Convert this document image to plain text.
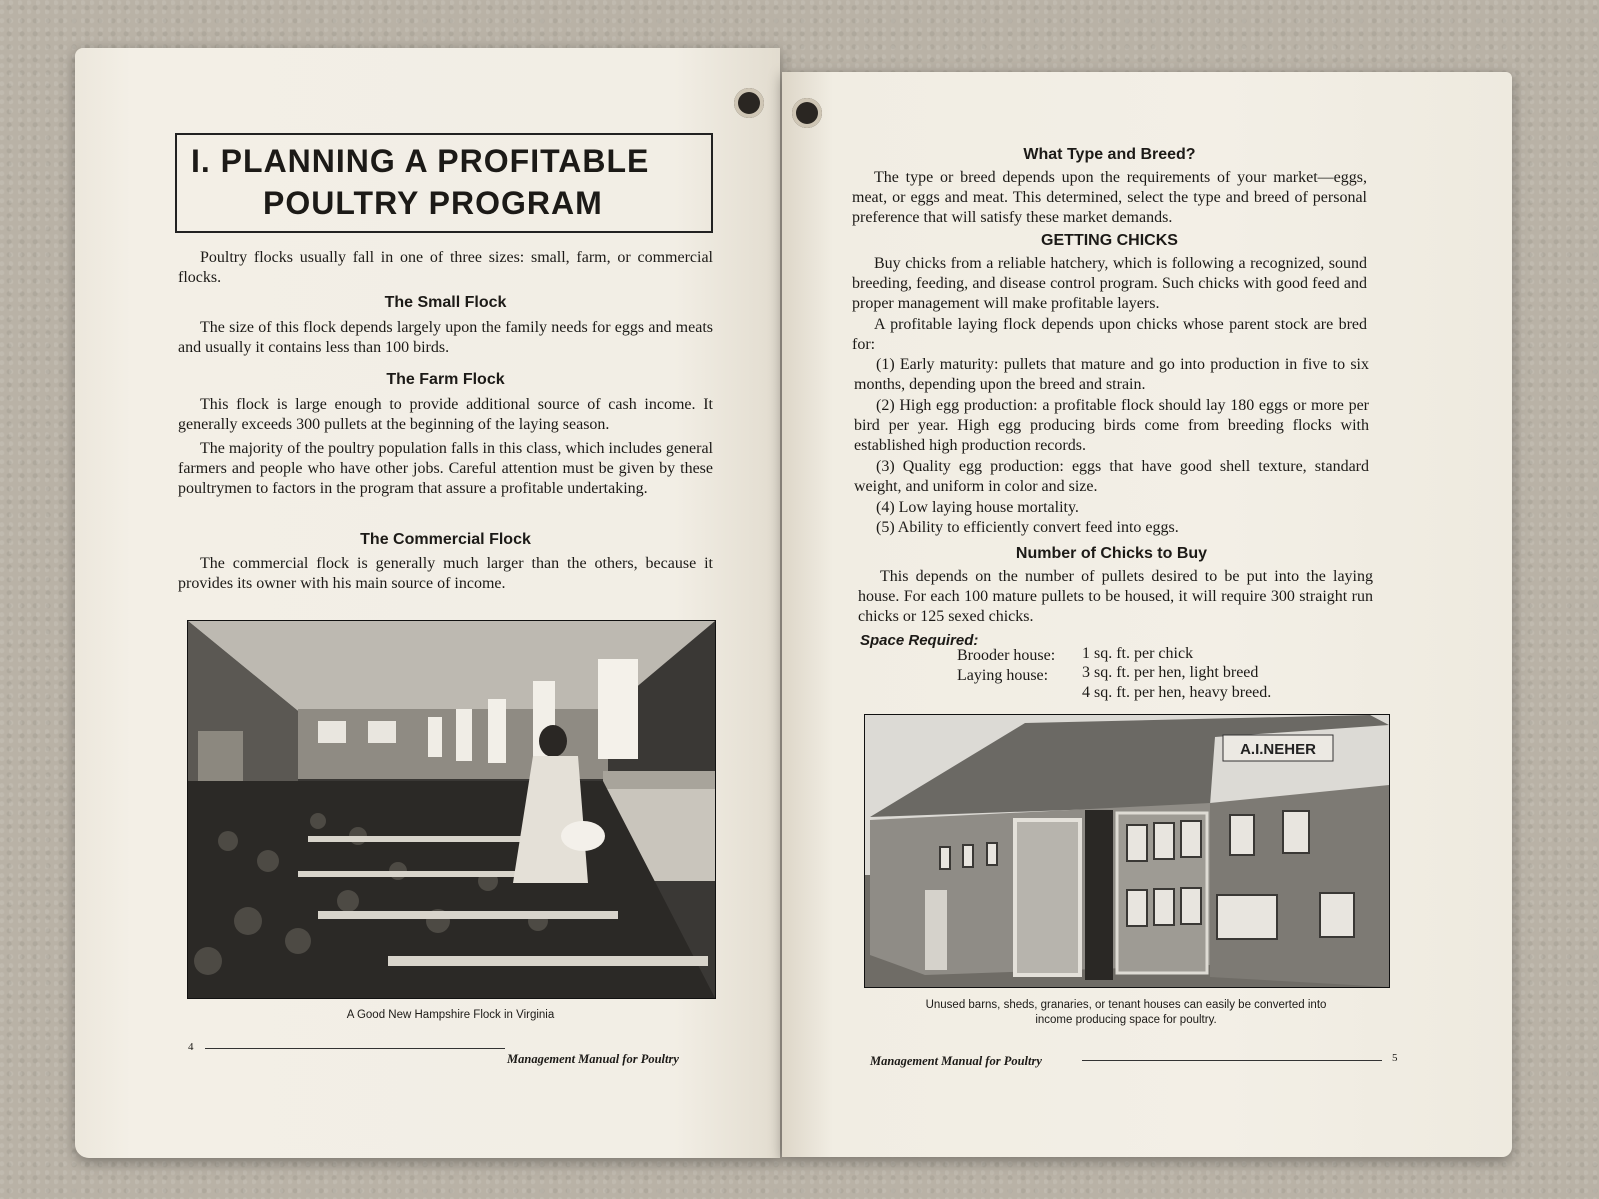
I. PLANNING A PROFITABLE
POULTRY PROGRAM
Poultry flocks usually fall in one of three sizes: small, farm, or commercial flocks.
The Small Flock
The size of this flock depends largely upon the family needs for eggs and meats and usually it contains less than 100 birds.
The Farm Flock
This flock is large enough to provide additional source of cash income. It generally exceeds 300 pullets at the beginning of the laying season.
The majority of the poultry population falls in this class, which includes general farmers and people who have other jobs. Careful attention must be given by these poultrymen to factors in the program that assure a profitable undertaking.
The Commercial Flock
The commercial flock is generally much larger than the others, because it provides its owner with his main source of income.
A Good New Hampshire Flock in Virginia
4
Management Manual for Poultry
What Type and Breed?
The type or breed depends upon the requirements of your market—eggs, meat, or eggs and meat. This determined, select the type and breed of personal preference that will satisfy these market demands.
GETTING CHICKS
Buy chicks from a reliable hatchery, which is following a recognized, sound breeding, feeding, and disease control program. Such chicks with good feed and proper management will make profitable layers.
A profitable laying flock depends upon chicks whose parent stock are bred for:
(1) Early maturity: pullets that mature and go into production in five to six months, depending upon the breed and strain.
(2) High egg production: a profitable flock should lay 180 eggs or more per bird per year. High egg producing birds come from breeding flocks with established high production records.
(3) Quality egg production: eggs that have good shell texture, standard weight, and uniform in color and size.
(4) Low laying house mortality.
(5) Ability to efficiently convert feed into eggs.
Number of Chicks to Buy
This depends on the number of pullets desired to be put into the laying house. For each 100 mature pullets to be housed, it will require 300 straight run chicks or 125 sexed chicks.
Space Required:
Brooder house: 1 sq. ft. per chick
Laying house: 3 sq. ft. per hen, light breed
4 sq. ft. per hen, heavy breed.
A.I.NEHER
Unused barns, sheds, granaries, or tenant houses can easily be converted into
income producing space for poultry.
Management Manual for Poultry	5
